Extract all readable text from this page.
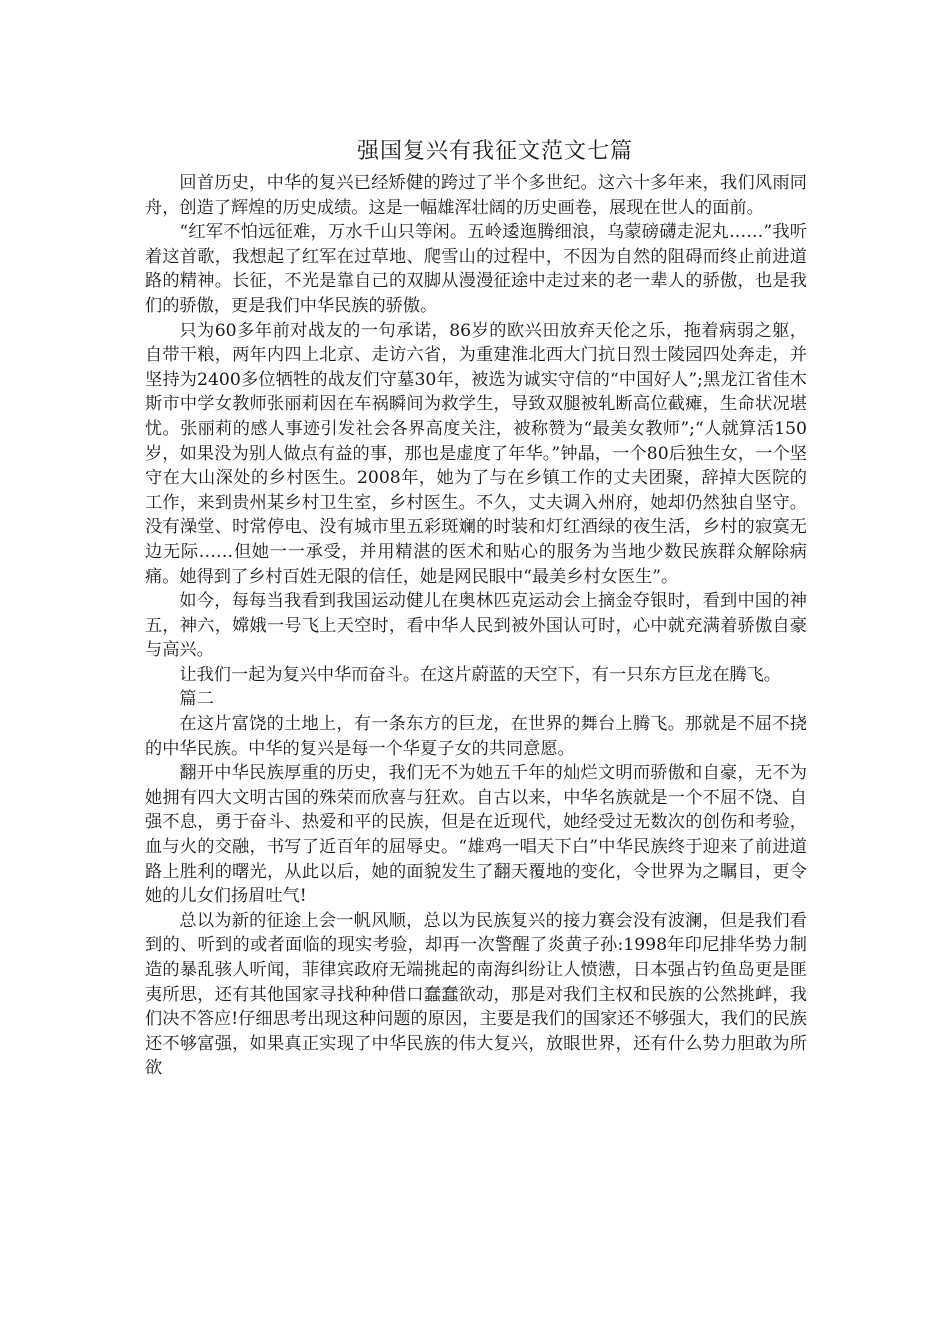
强国复兴有我征文范文七篇

回首历史，中华的复兴已经矫健的跨过了半个多世纪。这六十多年来，我们风雨同舟，创造了辉煌的历史成绩。这是一幅雄浑壮阔的历史画卷，展现在世人的面前。

“红军不怕远征难，万水千山只等闲。五岭逶迤腾细浪，乌蒙磅礴走泥丸……”我听着这首歌，我想起了红军在过草地、爬雪山的过程中，不因为自然的阻碍而终止前进道路的精神。长征，不光是靠自己的双脚从漫漫征途中走过来的老一辈人的骄傲，也是我们的骄傲，更是我们中华民族的骄傲。

只为60多年前对战友的一句承诺，86岁的欧兴田放弃天伦之乐，拖着病弱之躯，自带干粮，两年内四上北京、走访六省，为重建淮北西大门抗日烈士陵园四处奔走，并坚持为2400多位牺牲的战友们守墓30年，被选为诚实守信的“中国好人”;黑龙江省佳木斯市中学女教师张丽莉因在车祸瞬间为救学生，导致双腿被轧断高位截瘫，生命状况堪忧。张丽莉的感人事迹引发社会各界高度关注，被称赞为“最美女教师”;“人就算活150岁，如果没为别人做点有益的事，那也是虚度了年华。”钟晶，一个80后独生女，一个坚守在大山深处的乡村医生。2008年，她为了与在乡镇工作的丈夫团聚，辞掉大医院的工作，来到贵州某乡村卫生室，乡村医生。不久，丈夫调入州府，她却仍然独自坚守。没有澡堂、时常停电、没有城市里五彩斑斓的时装和灯红酒绿的夜生活，乡村的寂寞无边无际……但她一一承受，并用精湛的医术和贴心的服务为当地少数民族群众解除病痛。她得到了乡村百姓无限的信任，她是网民眼中“最美乡村女医生”。

如今，每每当我看到我国运动健儿在奥林匹克运动会上摘金夺银时，看到中国的神五，神六，嫦娥一号飞上天空时，看中华人民到被外国认可时，心中就充满着骄傲自豪与高兴。

让我们一起为复兴中华而奋斗。在这片蔚蓝的天空下，有一只东方巨龙在腾飞。

篇二

在这片富饶的土地上，有一条东方的巨龙，在世界的舞台上腾飞。那就是不屈不挠的中华民族。中华的复兴是每一个华夏子女的共同意愿。

翻开中华民族厚重的历史，我们无不为她五千年的灿烂文明而骄傲和自豪，无不为她拥有四大文明古国的殊荣而欣喜与狂欢。自古以来，中华名族就是一个不屈不饶、自强不息，勇于奋斗、热爱和平的民族，但是在近现代，她经受过无数次的创伤和考验，血与火的交融，书写了近百年的屈辱史。“雄鸡一唱天下白”中华民族终于迎来了前进道路上胜利的曙光，从此以后，她的面貌发生了翻天覆地的变化，令世界为之瞩目，更令她的儿女们扬眉吐气!

总以为新的征途上会一帆风顺，总以为民族复兴的接力赛会没有波澜，但是我们看到的、听到的或者面临的现实考验，却再一次警醒了炎黄子孙:1998年印尼排华势力制造的暴乱骇人听闻，菲律宾政府无端挑起的南海纠纷让人愤懑，日本强占钓鱼岛更是匪夷所思，还有其他国家寻找种种借口蠢蠢欲动，那是对我们主权和民族的公然挑衅，我们决不答应!仔细思考出现这种问题的原因，主要是我们的国家还不够强大，我们的民族还不够富强，如果真正实现了中华民族的伟大复兴，放眼世界，还有什么势力胆敢为所欲
